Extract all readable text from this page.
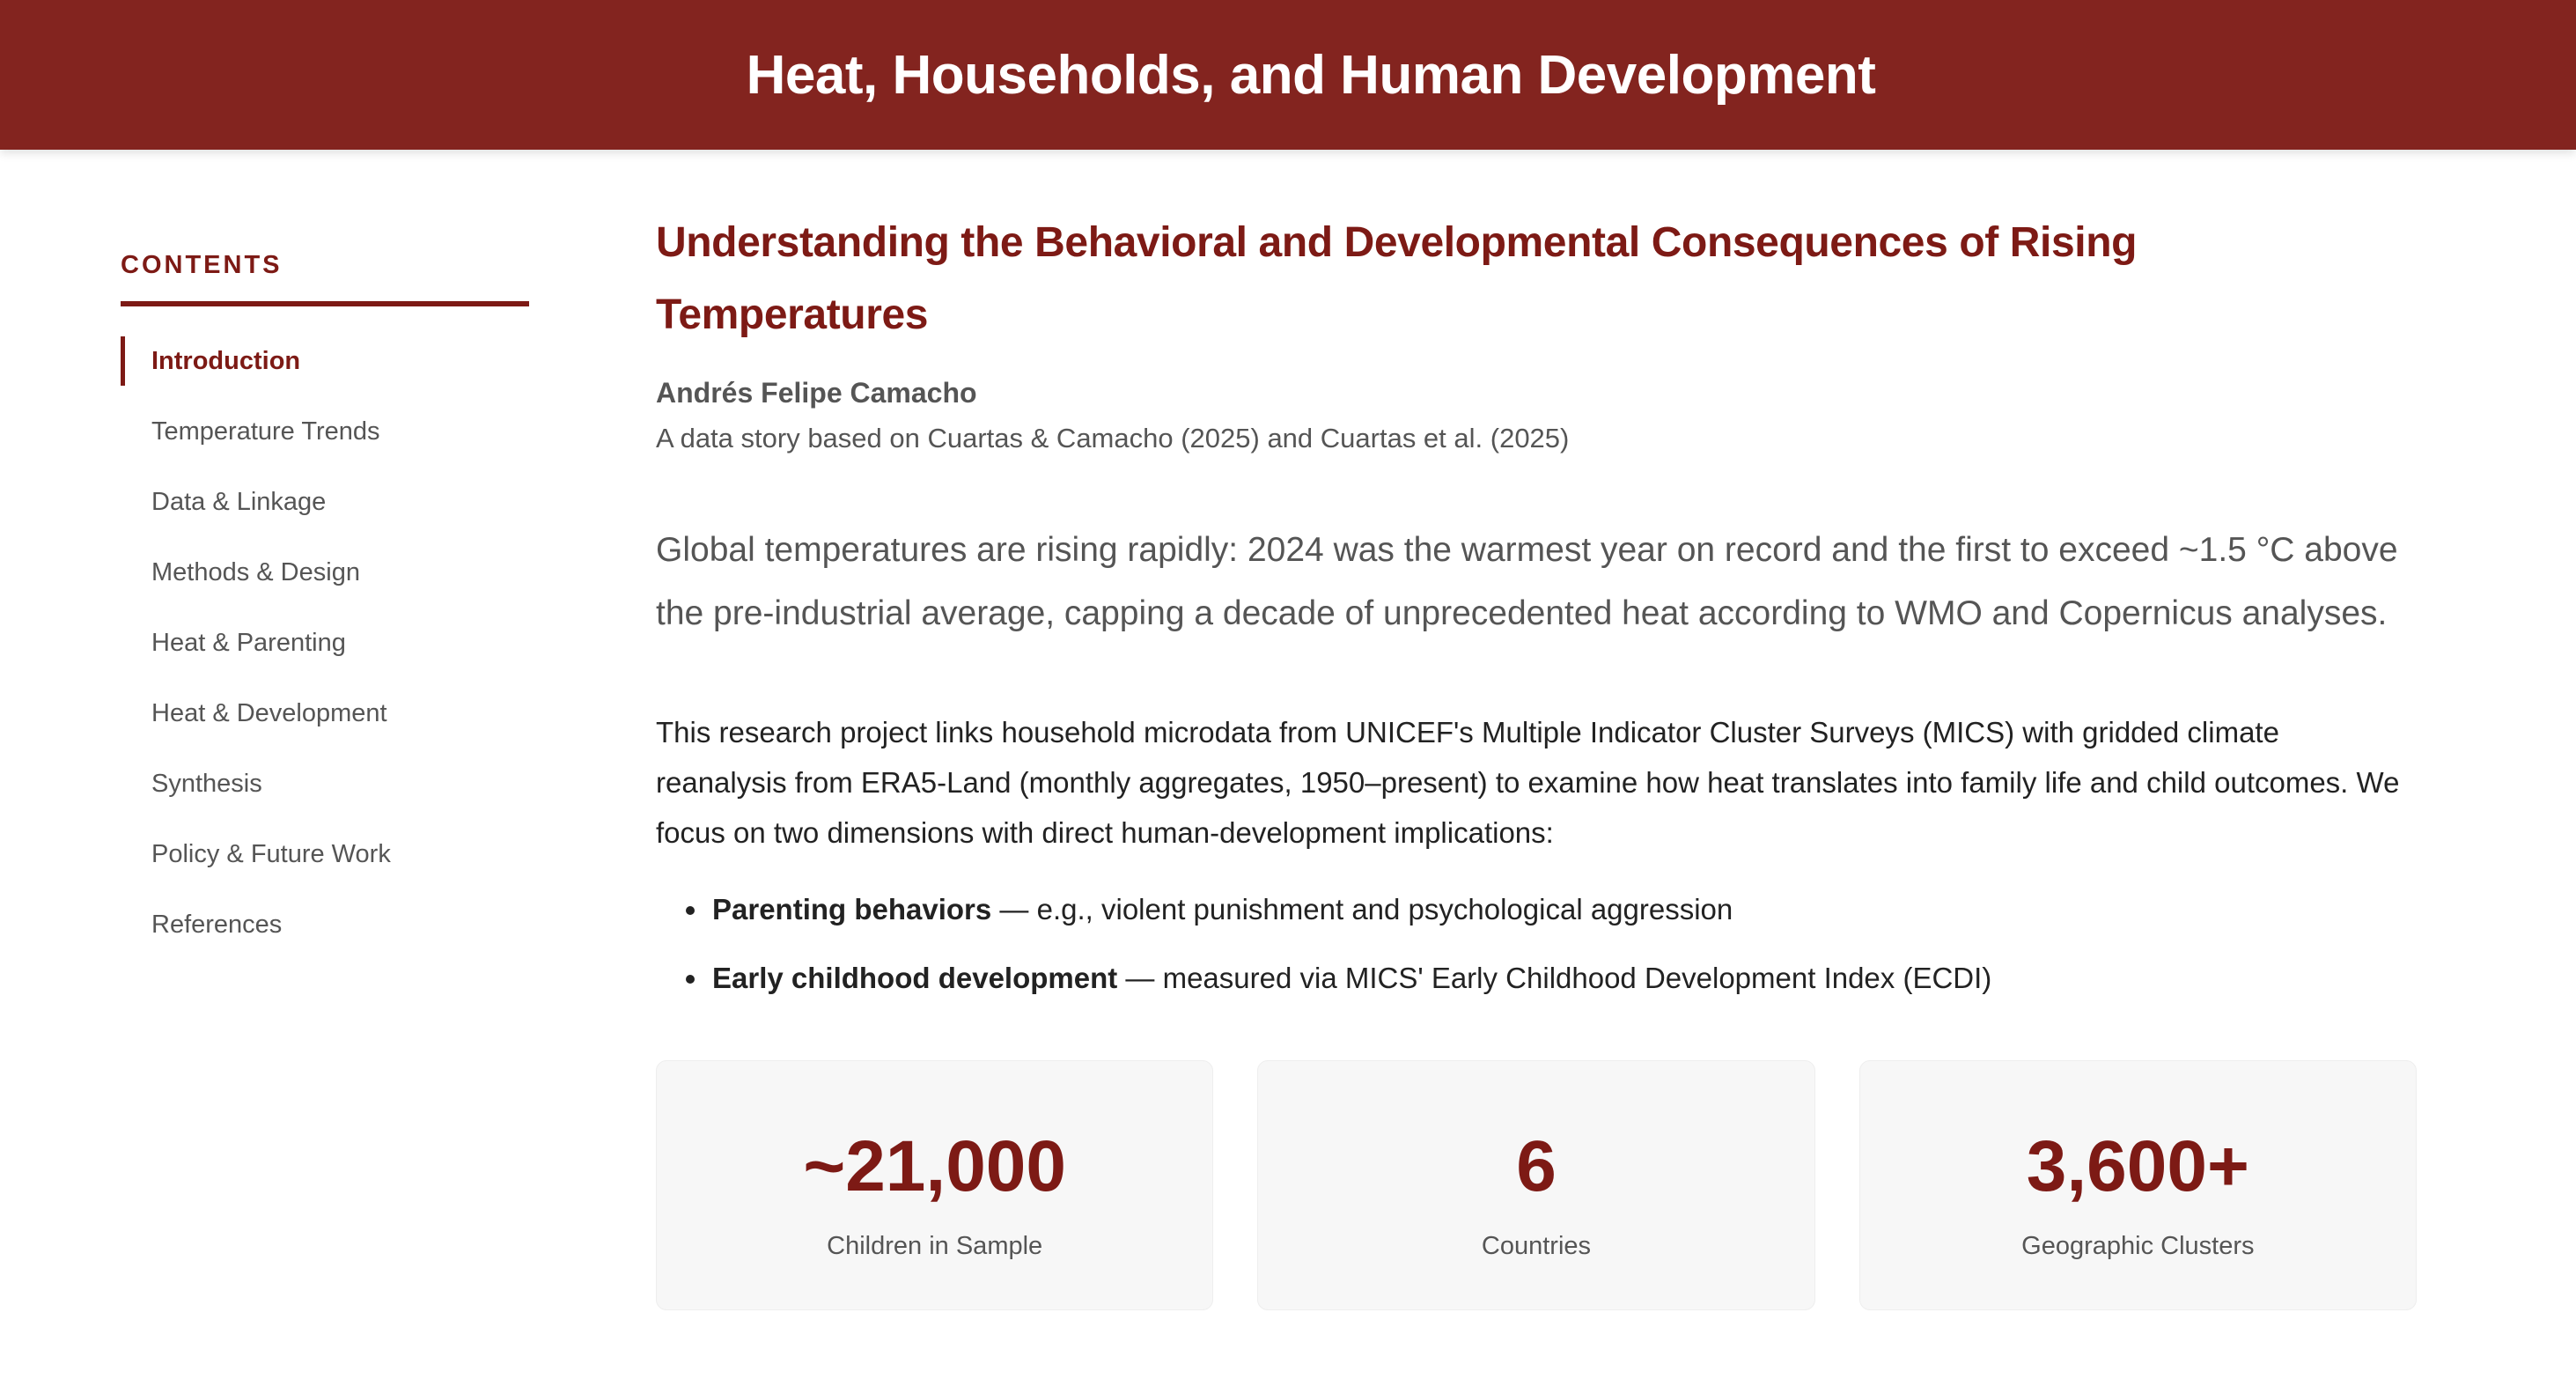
Heat, Households, and Human Development
CONTENTS
Introduction
Temperature Trends
Data & Linkage
Methods & Design
Heat & Parenting
Heat & Development
Synthesis
Policy & Future Work
References
Understanding the Behavioral and Developmental Consequences of Rising Temperatures
Andrés Felipe Camacho
A data story based on Cuartas & Camacho (2025) and Cuartas et al. (2025)

Global temperatures are rising rapidly: 2024 was the warmest year on record and the first to exceed ~1.5 °C above the pre-industrial average, capping a decade of unprecedented heat according to WMO and Copernicus analyses.

This research project links household microdata from UNICEF's Multiple Indicator Cluster Surveys (MICS) with gridded climate reanalysis from ERA5-Land (monthly aggregates, 1950–present) to examine how heat translates into family life and child outcomes. We focus on two dimensions with direct human-development implications:

Parenting behaviors — e.g., violent punishment and psychological aggression
Early childhood development — measured via MICS' Early Childhood Development Index (ECDI)
~21,000
Children in Sample
6
Countries
3,600+
Geographic Clusters
